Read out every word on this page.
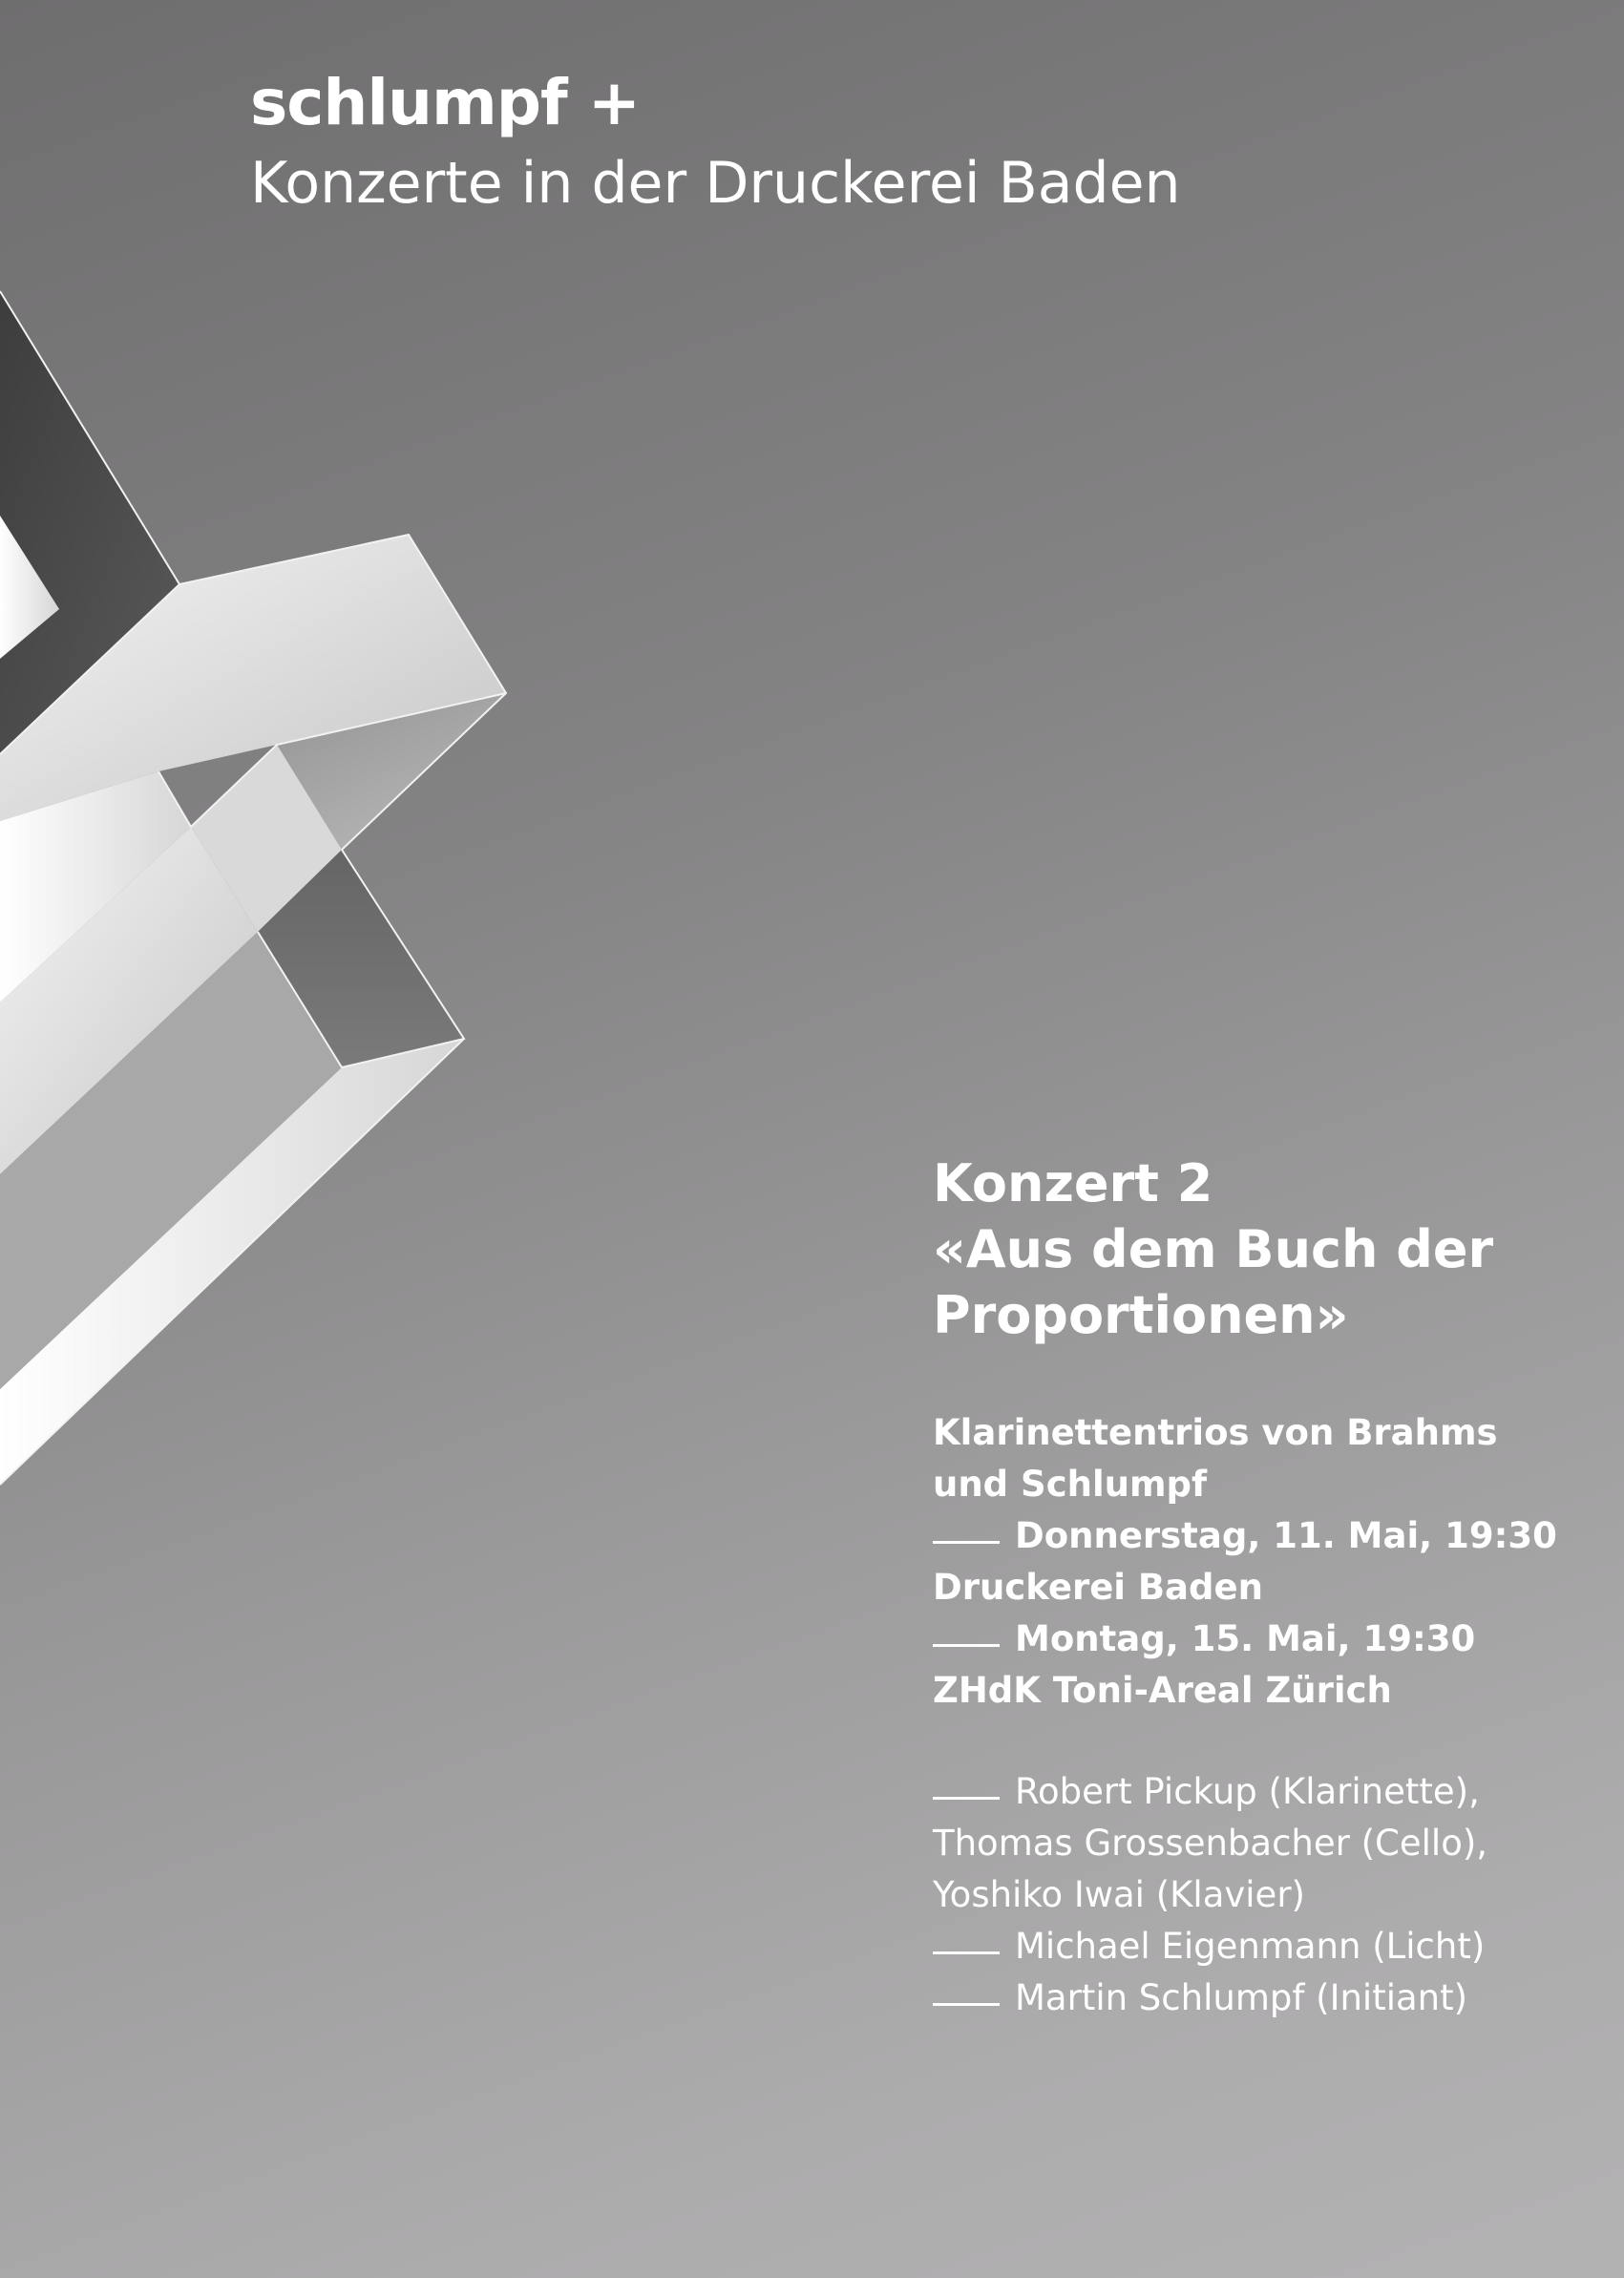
schlumpf +
Konzerte in der Druckerei Baden
Konzert 2
«Aus dem Buch der
Proportionen»
Klarinettentrios von Brahms
und Schlumpf
Donnerstag, 11. Mai, 19:30
Druckerei Baden
Montag, 15. Mai, 19:30
ZHdK Toni-Areal Zürich
Robert Pickup (Klarinette),
Thomas Grossenbacher (Cello),
Yoshiko Iwai (Klavier)
Michael Eigenmann (Licht)
Martin Schlumpf (Initiant)
